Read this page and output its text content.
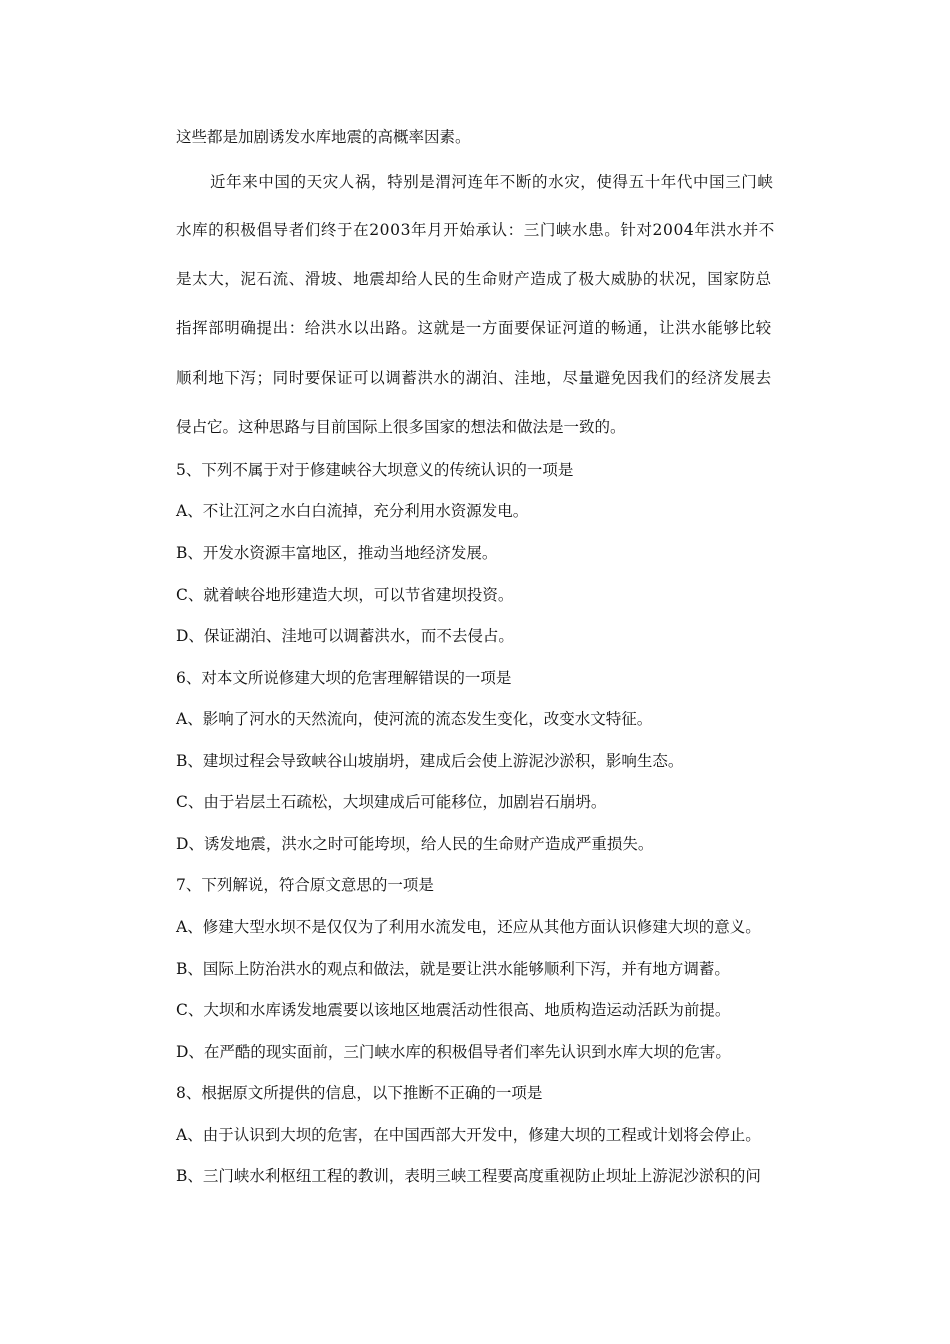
这些都是加剧诱发水库地震的高概率因素。
近年来中国的天灾人祸，特别是渭河连年不断的水灾，使得五十年代中国三门峡
水库的积极倡导者们终于在2003年月开始承认：三门峡水患。针对2004年洪水并不
是太大，泥石流、滑坡、地震却给人民的生命财产造成了极大威胁的状况，国家防总
指挥部明确提出：给洪水以出路。这就是一方面要保证河道的畅通，让洪水能够比较
顺利地下泻；同时要保证可以调蓄洪水的湖泊、洼地，尽量避免因我们的经济发展去
侵占它。这种思路与目前国际上很多国家的想法和做法是一致的。
5、下列不属于对于修建峡谷大坝意义的传统认识的一项是
A、不让江河之水白白流掉，充分利用水资源发电。
B、开发水资源丰富地区，推动当地经济发展。
C、就着峡谷地形建造大坝，可以节省建坝投资。
D、保证湖泊、洼地可以调蓄洪水，而不去侵占。
6、对本文所说修建大坝的危害理解错误的一项是
A、影响了河水的天然流向，使河流的流态发生变化，改变水文特征。
B、建坝过程会导致峡谷山坡崩坍，建成后会使上游泥沙淤积，影响生态。
C、由于岩层土石疏松，大坝建成后可能移位，加剧岩石崩坍。
D、诱发地震，洪水之时可能垮坝，给人民的生命财产造成严重损失。
7、下列解说，符合原文意思的一项是
A、修建大型水坝不是仅仅为了利用水流发电，还应从其他方面认识修建大坝的意义。
B、国际上防治洪水的观点和做法，就是要让洪水能够顺利下泻，并有地方调蓄。
C、大坝和水库诱发地震要以该地区地震活动性很高、地质构造运动活跃为前提。
D、在严酷的现实面前，三门峡水库的积极倡导者们率先认识到水库大坝的危害。
8、根据原文所提供的信息，以下推断不正确的一项是
A、由于认识到大坝的危害，在中国西部大开发中，修建大坝的工程或计划将会停止。
B、三门峡水利枢纽工程的教训，表明三峡工程要高度重视防止坝址上游泥沙淤积的问
